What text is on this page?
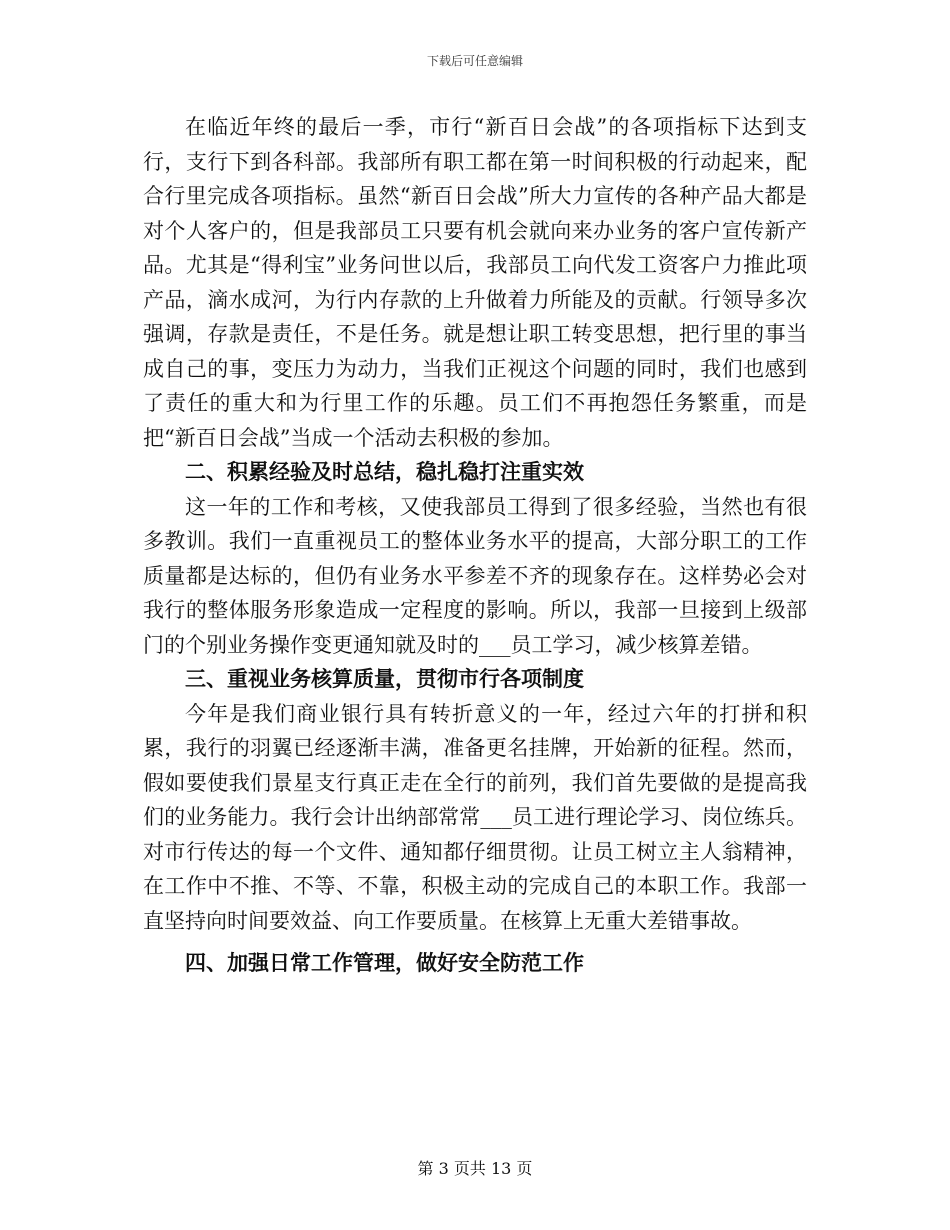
下载后可任意编辑

在临近年终的最后一季，市行“新百日会战”的各项指标下达到支行，支行下到各科部。我部所有职工都在第一时间积极的行动起来，配合行里完成各项指标。虽然“新百日会战”所大力宣传的各种产品大都是对个人客户的，但是我部员工只要有机会就向来办业务的客户宣传新产品。尤其是“得利宝”业务问世以后，我部员工向代发工资客户力推此项产品，滴水成河，为行内存款的上升做着力所能及的贡献。行领导多次强调，存款是责任，不是任务。就是想让职工转变思想，把行里的事当成自己的事，变压力为动力，当我们正视这个问题的同时，我们也感到了责任的重大和为行里工作的乐趣。员工们不再抱怨任务繁重，而是把“新百日会战”当成一个活动去积极的参加。

二、积累经验及时总结，稳扎稳打注重实效

这一年的工作和考核，又使我部员工得到了很多经验，当然也有很多教训。我们一直重视员工的整体业务水平的提高，大部分职工的工作质量都是达标的，但仍有业务水平参差不齐的现象存在。这样势必会对我行的整体服务形象造成一定程度的影响。所以，我部一旦接到上级部门的个别业务操作变更通知就及时的___员工学习，减少核算差错。

三、重视业务核算质量，贯彻市行各项制度

今年是我们商业银行具有转折意义的一年，经过六年的打拼和积累，我行的羽翼已经逐渐丰满，准备更名挂牌，开始新的征程。然而，假如要使我们景星支行真正走在全行的前列，我们首先要做的是提高我们的业务能力。我行会计出纳部常常___员工进行理论学习、岗位练兵。对市行传达的每一个文件、通知都仔细贯彻。让员工树立主人翁精神，在工作中不推、不等、不靠，积极主动的完成自己的本职工作。我部一直坚持向时间要效益、向工作要质量。在核算上无重大差错事故。

四、加强日常工作管理，做好安全防范工作

第 3 页共 13 页
